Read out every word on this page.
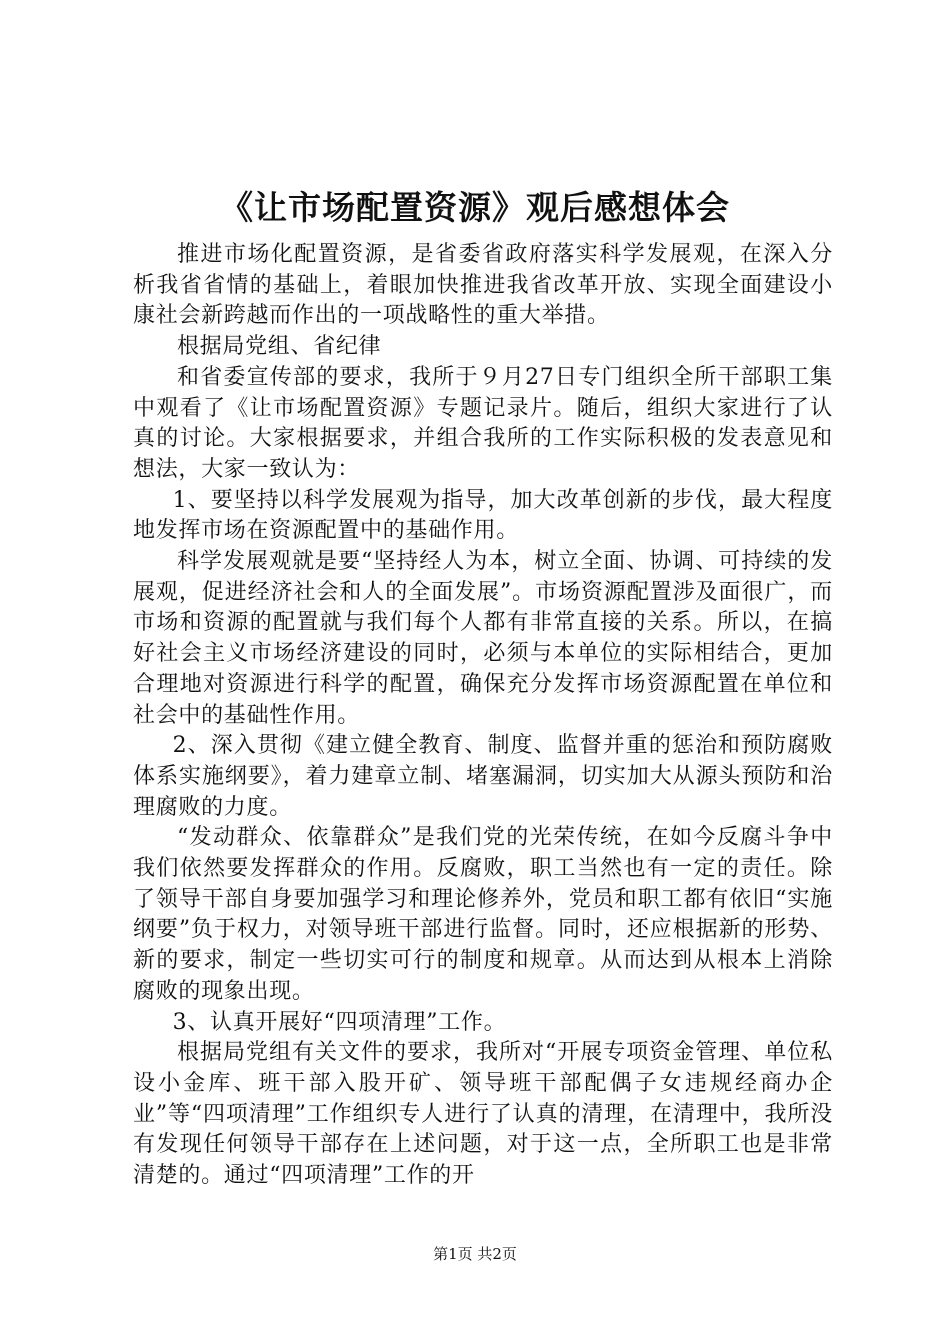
《让市场配置资源》观后感想体会

推进市场化配置资源，是省委省政府落实科学发展观，在深入分析我省省情的基础上，着眼加快推进我省改革开放、实现全面建设小康社会新跨越而作出的一项战略性的重大举措。

根据局党组、省纪律

和省委宣传部的要求，我所于９月27日专门组织全所干部职工集中观看了《让市场配置资源》专题记录片。随后，组织大家进行了认真的讨论。大家根据要求，并组合我所的工作实际积极的发表意见和想法，大家一致认为：

1、要坚持以科学发展观为指导，加大改革创新的步伐，最大程度地发挥市场在资源配置中的基础作用。

科学发展观就是要“坚持经人为本，树立全面、协调、可持续的发展观，促进经济社会和人的全面发展”。市场资源配置涉及面很广，而市场和资源的配置就与我们每个人都有非常直接的关系。所以，在搞好社会主义市场经济建设的同时，必须与本单位的实际相结合，更加合理地对资源进行科学的配置，确保充分发挥市场资源配置在单位和社会中的基础性作用。

2、深入贯彻《建立健全教育、制度、监督并重的惩治和预防腐败体系实施纲要》，着力建章立制、堵塞漏洞，切实加大从源头预防和治理腐败的力度。

“发动群众、依靠群众”是我们党的光荣传统，在如今反腐斗争中我们依然要发挥群众的作用。反腐败，职工当然也有一定的责任。除了领导干部自身要加强学习和理论修养外，党员和职工都有依旧“实施纲要”负于权力，对领导班干部进行监督。同时，还应根据新的形势、新的要求，制定一些切实可行的制度和规章。从而达到从根本上消除腐败的现象出现。

3、认真开展好“四项清理”工作。

根据局党组有关文件的要求，我所对“开展专项资金管理、单位私设小金库、班干部入股开矿、领导班干部配偶子女违规经商办企业”等“四项清理”工作组织专人进行了认真的清理，在清理中，我所没有发现任何领导干部存在上述问题，对于这一点，全所职工也是非常清楚的。通过“四项清理”工作的开

第1页 共2页
